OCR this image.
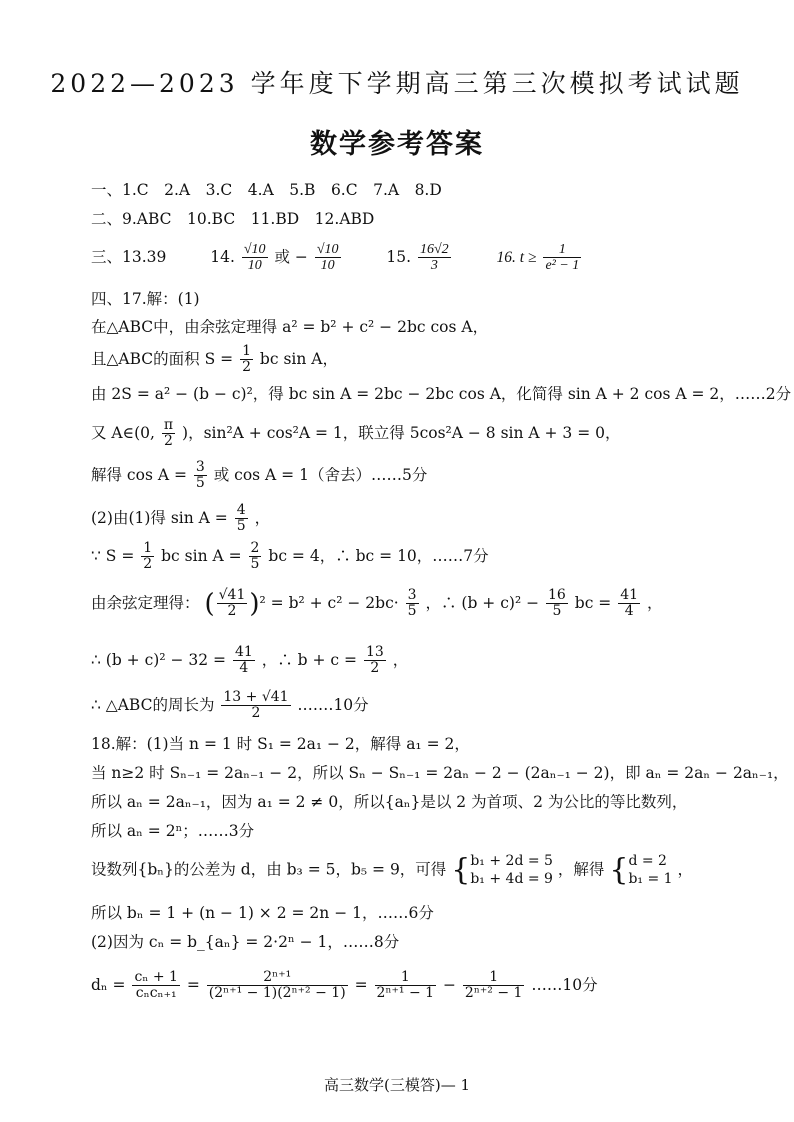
2022—2023 学年度下学期高三第三次模拟考试试题
数学参考答案
一、1.C　2.A　3.C　4.A　5.B　6.C　7.A　8.D
二、9.ABC　10.BC　11.BD　12.ABD
三、13.39	14. $\frac{√10}{10}$ 或 − $\frac{√10}{10}$	15. $\frac{16√2}{3}$	16. $t \ge \frac{1}{\text{e² − 1}}$
四、17.解：(1)
在△ABC中，由余弦定理得 a² = b² + c² − 2bc cos A，
且△ABC的面积 $S = \frac{1}{2}$ bc sin A，
由 2S = a² − (b − c)²，得 bc sin A = 2bc − 2bc cos A，化简得 sin A + 2 cos A = 2，……2分
又 A∈(0, $\frac{\pi}{2}$ )，sin²A + cos²A = 1，联立得 5cos²A − 8 sin A + 3 = 0，
解得 $\cos A = \frac{3}{5}$ 或 cos A = 1（舍去）……5分
(2)由(1)得 $\sin A = \frac{4}{5}$ ，
∵ $S = \frac{1}{2}$ bc $\sin A = \frac{2}{5}$ bc = 4，∴ bc = 10，……7分
由余弦定理得： ( $\frac{√41}{2} )^2 = b^2 + c^2 - 2bc\cdot \frac{3}{5}$ ，∴ $(b + c)^2 - \frac{16}{5}$ bc = $\frac{41}{4}$ ，
∴ $(b + c)^2 - 32 = \frac{41}{4}$ ，∴ $b + c = \frac{13}{2}$ ，
∴ △ABC的周长为 $\frac{13 + √41}{2}$ .……10分
18.解：(1)当 n = 1 时 S₁ = 2a₁ − 2，解得 a₁ = 2，
当 n≥2 时 Sₙ₋₁ = 2aₙ₋₁ − 2，所以 Sₙ − Sₙ₋₁ = 2aₙ − 2 − (2aₙ₋₁ − 2)，即 aₙ = 2aₙ − 2aₙ₋₁，
所以 aₙ = 2aₙ₋₁，因为 a₁ = 2 ≠ 0，所以{aₙ}是以 2 为首项、2 为公比的等比数列，
所以 aₙ = 2ⁿ；……3分
设数列{bₙ}的公差为 d，由 b₃ = 5，b₅ = 9，可得 { b₁ + 2d = 5
b₁ + 4d = 9 ，解得 { d = 2
b₁ = 1 ，
所以 bₙ = 1 + (n − 1) × 2 = 2n − 1，……6分
(2)因为 cₙ = b_{aₙ} = 2·2ⁿ − 1，……8分
$d_n = \frac{\text{cₙ + 1}}{\text{cₙcₙ₊₁}} = \frac{\text{2ⁿ⁺¹}}{\text{(2ⁿ⁺¹ − 1)(2ⁿ⁺² − 1)}} = \frac{1}{\text{2ⁿ⁺¹ − 1}} - \frac{1}{\text{2ⁿ⁺² − 1}}$ ……10分
高三数学(三模答)— 1
